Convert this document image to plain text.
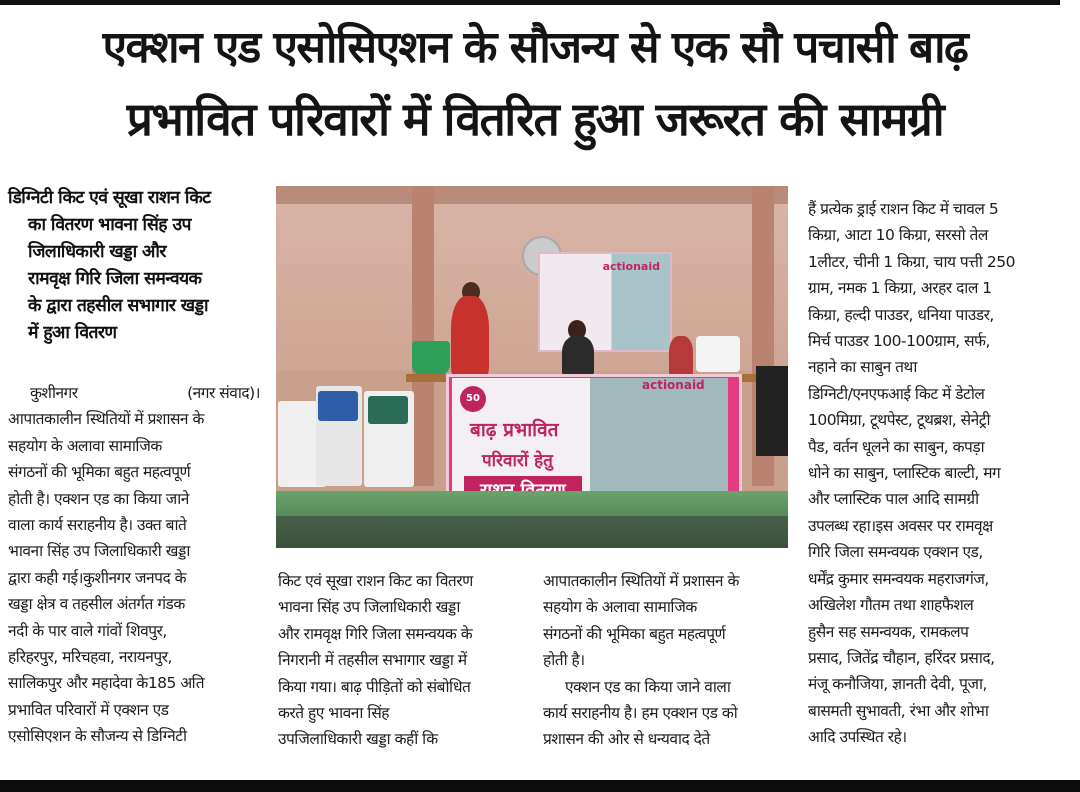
एक्शन एड एसोसिएशन के सौजन्य से एक सौ पचासी बाढ़
प्रभावित परिवारों में वितरित हुआ जरूरत की सामग्री
डिग्निटी किट एवं सूखा राशन किट
का वितरण भावना सिंह उप
जिलाधिकारी खड्डा और
रामवृक्ष गिरि जिला समन्वयक
के द्वारा तहसील सभागार खड्डा
में हुआ वितरण
actionaid
50
actionaid
बाढ़ प्रभावित
परिवारों हेतु
कुशीनगर	(नगर संवाद)।
आपातकालीन स्थितियों में प्रशासन के
सहयोग के अलावा सामाजिक
संगठनों की भूमिका बहुत महत्वपूर्ण
होती है। एक्शन एड का किया जाने
वाला कार्य सराहनीय है। उक्त बाते
भावना सिंह उप जिलाधिकारी खड्डा
द्वारा कही गई।कुशीनगर जनपद के
खड्डा क्षेत्र व तहसील अंतर्गत गंडक
नदी के पार वाले गांवों शिवपुर,
हरिहरपुर, मरिचहवा, नरायनपुर,
सालिकपुर और महादेवा के185 अति
प्रभावित परिवारों में एक्शन एड
एसोसिएशन के सौजन्य से डिग्निटी
किट एवं सूखा राशन किट का वितरण
भावना सिंह उप जिलाधिकारी खड्डा
और रामवृक्ष गिरि जिला समन्वयक के
निगरानी में तहसील सभागार खड्डा में
किया गया। बाढ़ पीड़ितों को संबोधित
करते हुए भावना सिंह
उपजिलाधिकारी खड्डा कहीं कि
आपातकालीन स्थितियों में प्रशासन के
सहयोग के अलावा सामाजिक
संगठनों की भूमिका बहुत महत्वपूर्ण
होती है।
एक्शन एड का किया जाने वाला
कार्य सराहनीय है। हम एक्शन एड को
प्रशासन की ओर से धन्यवाद देते
हैं प्रत्येक ड्राई राशन किट में चावल 5
किग्रा, आटा 10 किग्रा, सरसो तेल
1लीटर, चीनी 1 किग्रा, चाय पत्ती 250
ग्राम, नमक 1 किग्रा, अरहर दाल 1
किग्रा, हल्दी पाउडर, धनिया पाउडर,
मिर्च पाउडर 100-100ग्राम, सर्फ,
नहाने का साबुन तथा
डिग्निटी/एनएफआई किट में डेटोल
100मिग्रा, टूथपेस्ट, टूथब्रश, सेनेट्री
पैड, वर्तन धूलने का साबुन, कपड़ा
धोने का साबुन, प्लास्टिक बाल्टी, मग
और प्लास्टिक पाल आदि सामग्री
उपलब्ध रहा।इस अवसर पर रामवृक्ष
गिरि जिला समन्वयक एक्शन एड,
धर्मेंद्र कुमार समन्वयक महराजगंज,
अखिलेश गौतम तथा शाहफैशल
हुसैन सह समन्वयक, रामकलप
प्रसाद, जितेंद्र चौहान, हरिंदर प्रसाद,
मंजू कनौजिया, ज्ञानती देवी, पूजा,
बासमती सुभावती, रंभा और शोभा
आदि उपस्थित रहे।
